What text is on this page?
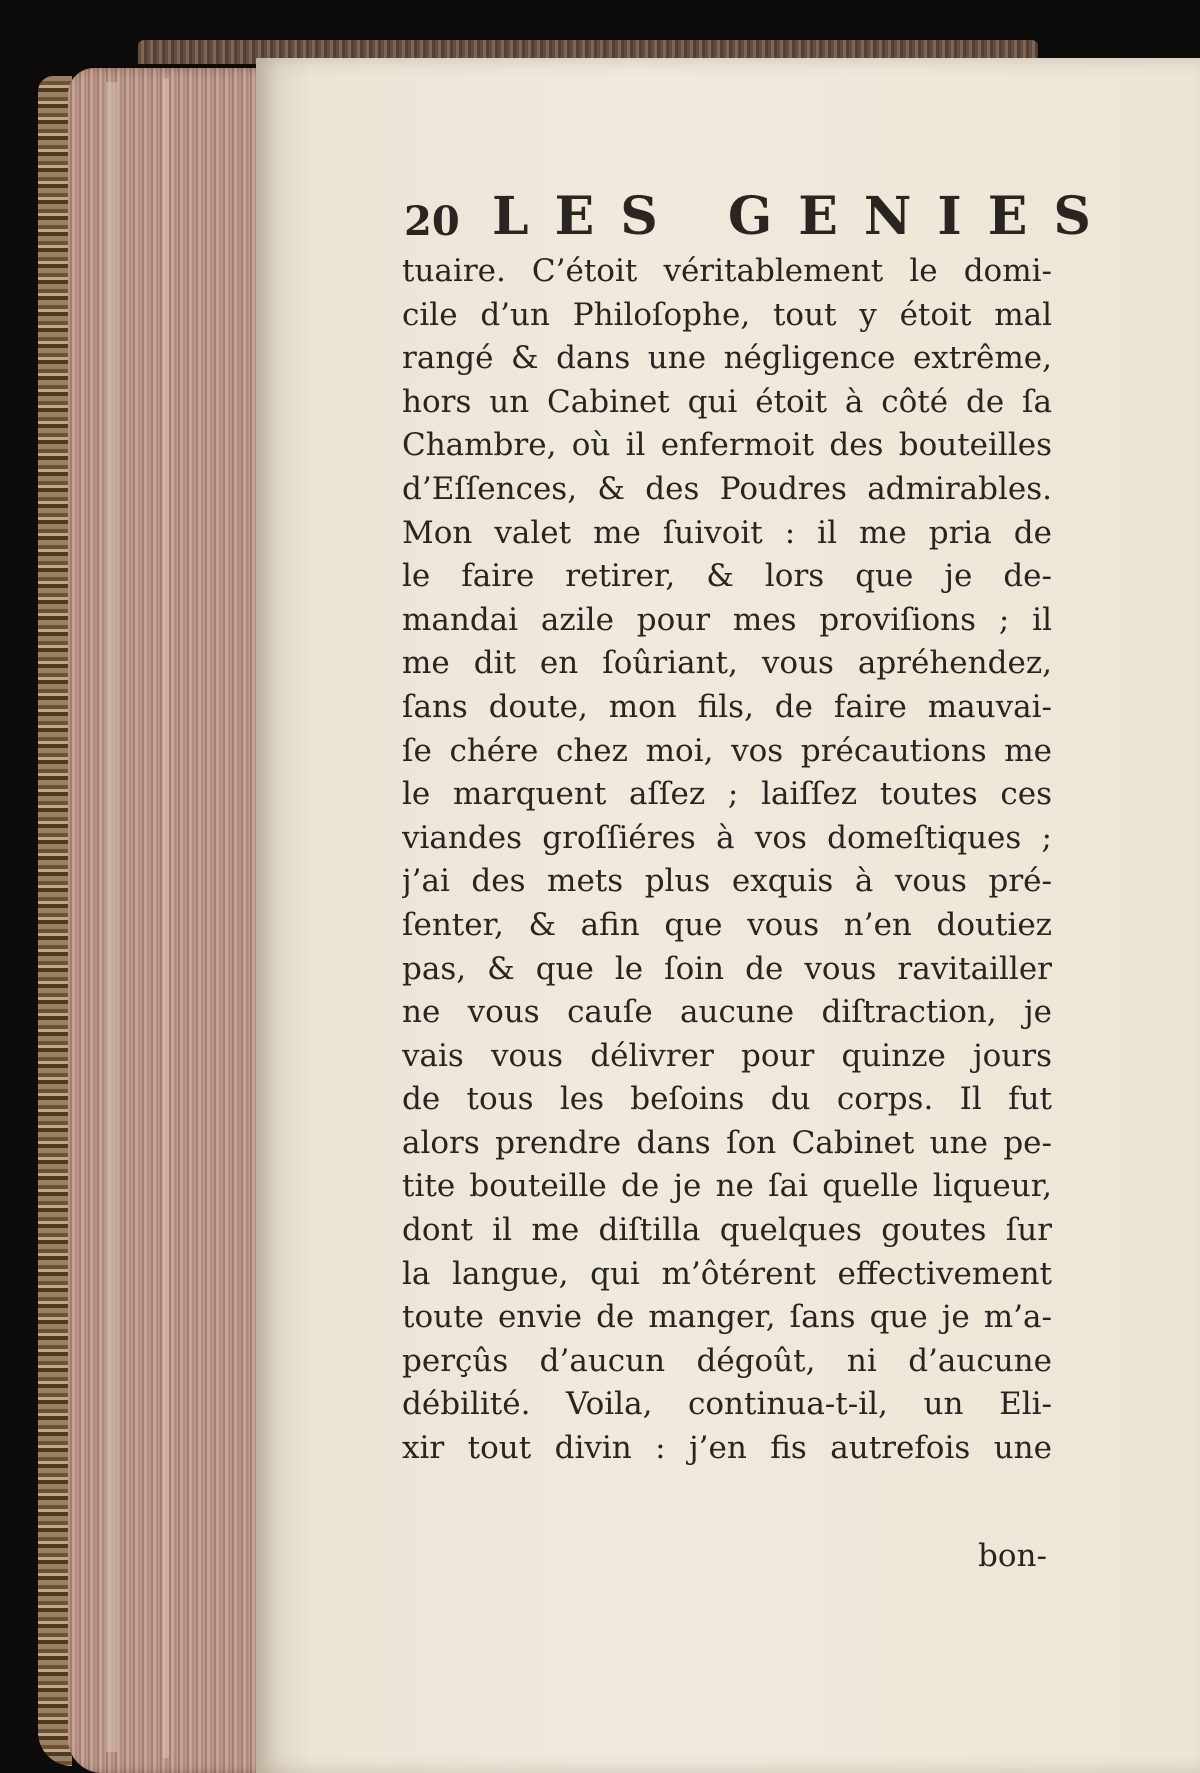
20 LES GENIES
tuaire. C’étoit véritablement le domi-
cile d’un Philoſophe, tout y étoit mal
rangé & dans une négligence extrême,
hors un Cabinet qui étoit à côté de ſa
Chambre, où il enfermoit des bouteilles
d’Eſſences, & des Poudres admirables.
Mon valet me ſuivoit : il me pria de
le faire retirer, & lors que je de-
mandai azile pour mes proviſions ; il
me dit en ſoûriant, vous apréhendez,
ſans doute, mon fils, de faire mauvai-
ſe chére chez moi, vos précautions me
le marquent aſſez ; laiſſez toutes ces
viandes groſſiéres à vos domeſtiques ;
j’ai des mets plus exquis à vous pré-
ſenter, & afin que vous n’en doutiez
pas, & que le ſoin de vous ravitailler
ne vous cauſe aucune diſtraction, je
vais vous délivrer pour quinze jours
de tous les beſoins du corps. Il fut
alors prendre dans ſon Cabinet une pe-
tite bouteille de je ne ſai quelle liqueur,
dont il me diſtilla quelques goutes ſur
la langue, qui m’ôtérent effectivement
toute envie de manger, ſans que je m’a-
perçûs d’aucun dégoût, ni d’aucune
débilité. Voila, continua-t-il, un Eli-
xir tout divin : j’en fis autrefois une
bon-
